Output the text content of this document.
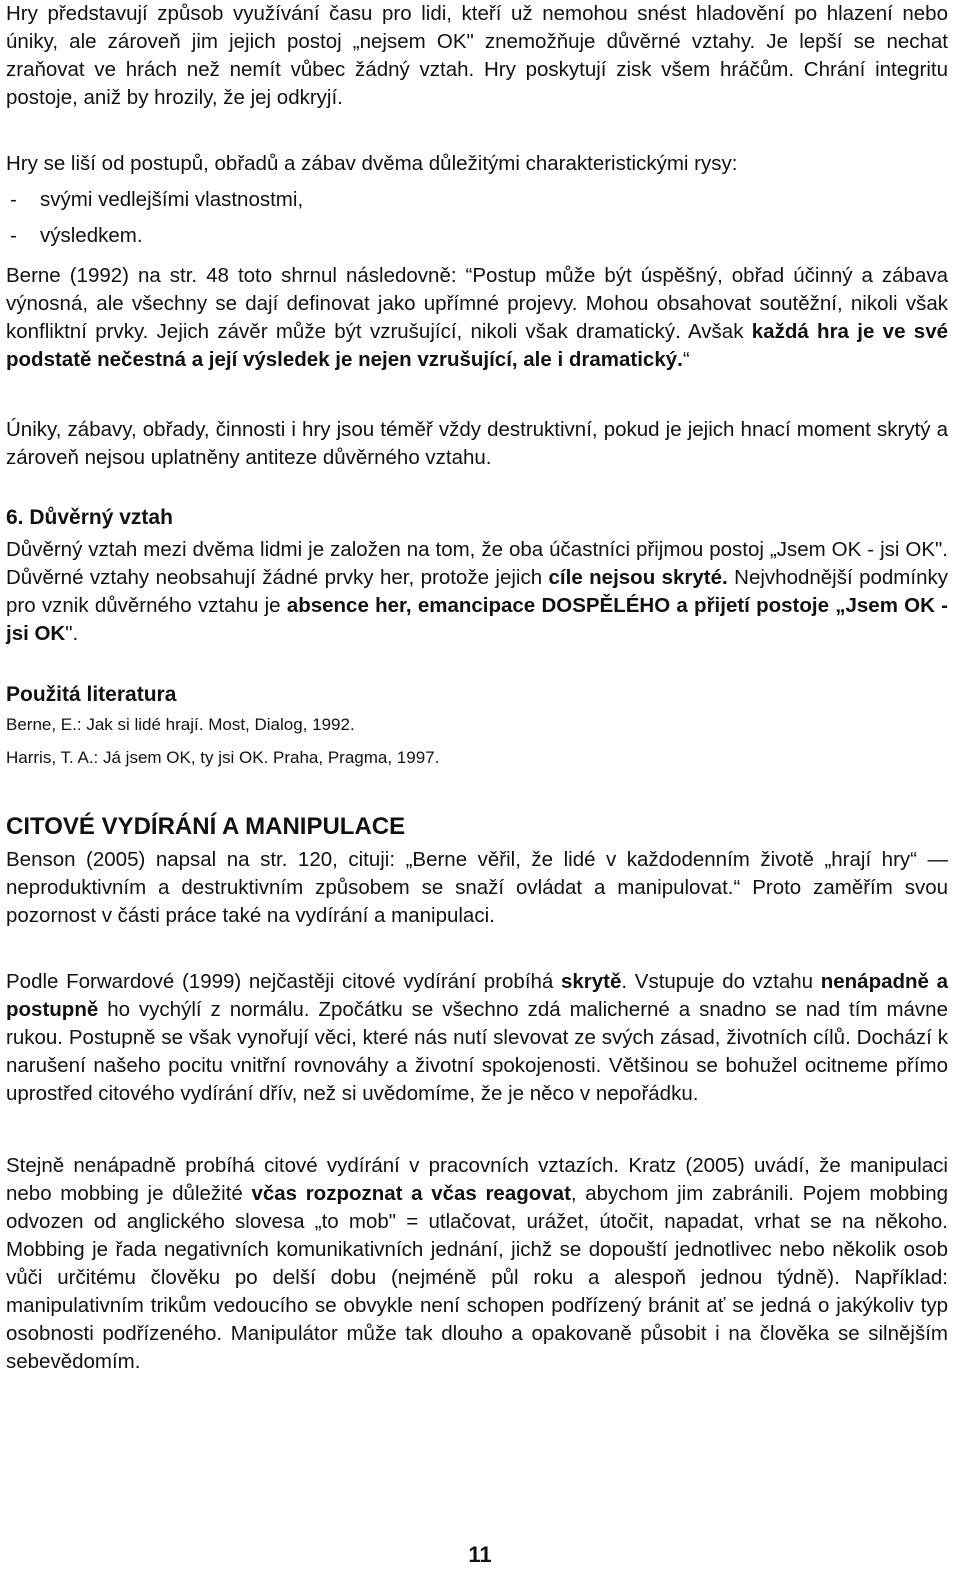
Hry představují způsob využívání času pro lidi, kteří už nemohou snést hladovění po hlazení nebo úniky, ale zároveň jim jejich postoj „nejsem OK" znemožňuje důvěrné vztahy. Je lepší se nechat zraňovat ve hrách než nemít vůbec žádný vztah. Hry poskytují zisk všem hráčům. Chrání integritu postoje, aniž by hrozily, že jej odkryjí.

Hry se liší od postupů, obřadů a zábav dvěma důležitými charakteristickými rysy:

- svými vedlejšími vlastnostmi,
- výsledkem.

Berne (1992) na str. 48 toto shrnul následovně: “Postup může být úspěšný, obřad účinný a zábava výnosná, ale všechny se dají definovat jako upřímné projevy. Mohou obsahovat soutěžní, nikoli však konfliktní prvky. Jejich závěr může být vzrušující, nikoli však dramatický. Avšak každá hra je ve své podstatě nečestná a její výsledek je nejen vzrušující, ale i dramatický.“

Úniky, zábavy, obřady, činnosti i hry jsou téměř vždy destruktivní, pokud je jejich hnací moment skrytý a zároveň nejsou uplatněny antiteze důvěrného vztahu.

6. Důvěrný vztah

Důvěrný vztah mezi dvěma lidmi je založen na tom, že oba účastníci přijmou postoj „Jsem OK - jsi OK". Důvěrné vztahy neobsahují žádné prvky her, protože jejich cíle nejsou skryté. Nejvhodnější podmínky pro vznik důvěrného vztahu je absence her, emancipace DOSPĚLÉHO a přijetí postoje „Jsem OK - jsi OK".

Použitá literatura

Berne, E.: Jak si lidé hrají. Most, Dialog, 1992.

Harris, T. A.: Já jsem OK, ty jsi OK. Praha, Pragma, 1997.

CITOVÉ VYDÍRÁNÍ A MANIPULACE

Benson (2005) napsal na str. 120, cituji: „Berne věřil, že lidé v každodenním životě „hrají hry“ — neproduktivním a destruktivním způsobem se snaží ovládat a manipulovat.“ Proto zaměřím svou pozornost v části práce také na vydírání a manipulaci.

Podle Forwardové (1999) nejčastěji citové vydírání probíhá skrytě. Vstupuje do vztahu nenápadně a postupně ho vychýlí z normálu. Zpočátku se všechno zdá malicherné a snadno se nad tím mávne rukou. Postupně se však vynořují věci, které nás nutí slevovat ze svých zásad, životních cílů. Dochází k narušení našeho pocitu vnitřní rovnováhy a životní spokojenosti. Většinou se bohužel ocitneme přímo uprostřed citového vydírání dřív, než si uvědomíme, že je něco v nepořádku.

Stejně nenápadně probíhá citové vydírání v pracovních vztazích. Kratz (2005) uvádí, že manipulaci nebo mobbing je důležité včas rozpoznat a včas reagovat, abychom jim zabránili. Pojem mobbing odvozen od anglického slovesa „to mob" = utlačovat, urážet, útočit, napadat, vrhat se na někoho. Mobbing je řada negativních komunikativních jednání, jichž se dopouští jednotlivec nebo několik osob vůči určitému člověku po delší dobu (nejméně půl roku a alespoň jednou týdně). Například: manipulativním trikům vedoucího se obvykle není schopen podřízený bránit ať se jedná o jakýkoliv typ osobnosti podřízeného. Manipulátor může tak dlouho a opakovaně působit i na člověka se silnějším sebevědomím.

11
